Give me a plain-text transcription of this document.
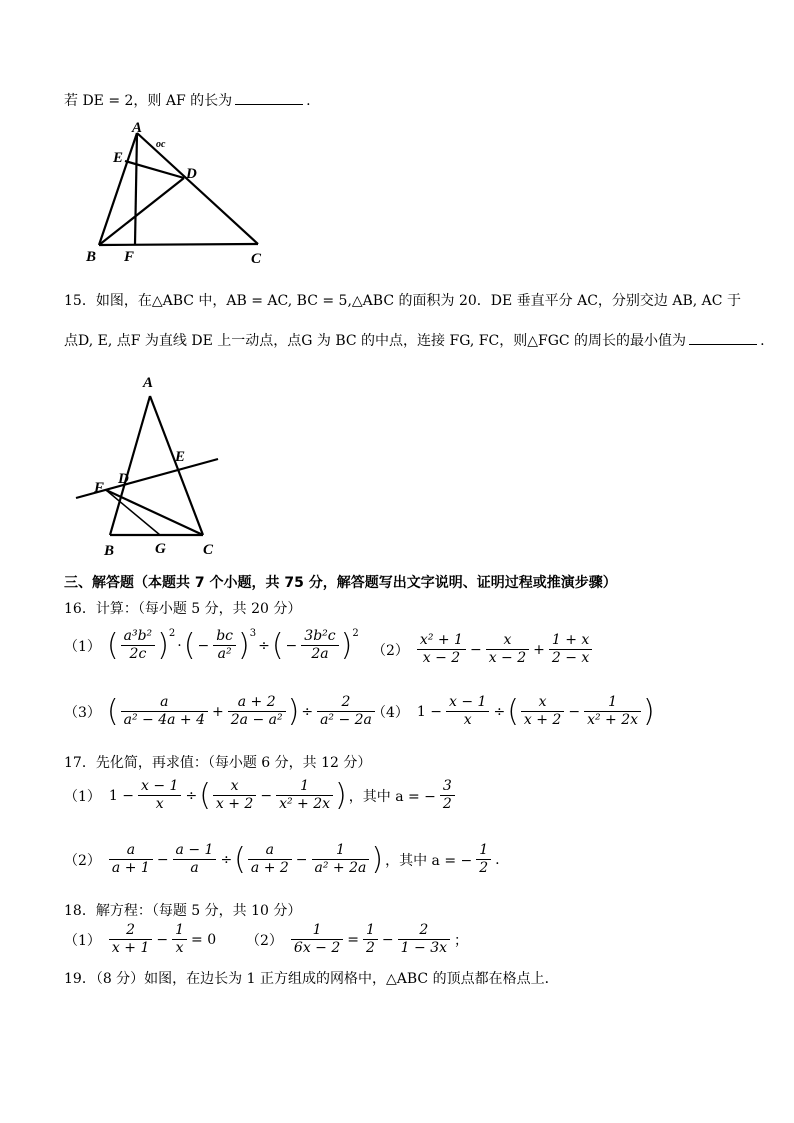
若 DE = 2，则 AF 的长为	.
A
E
D
B F	C
oc
15．如图，在△ABC 中，AB = AC, BC = 5,△ABC 的面积为 20．DE 垂直平分 AC，分别交边 AB, AC 于
点D, E, 点F 为直线 DE 上一动点，点G 为 BC 的中点，连接 FG, FC，则△FGC 的周长的最小值为	.
A
D
E
F
B	G C
三、解答题（本题共 7 个小题，共 75 分，解答题写出文字说明、证明过程或推演步骤）
16．计算：（每小题 5 分，共 20 分）
（1） ( $\frac{\text{a³b²}}{2c}$ ) 2
· ( − $\frac{bc}{\text{a²}}$ ) 3
÷ ( − $\frac{\text{3b²c}}{2a}$ ) 2
$(2) \frac{\text{x² + 1}}{x - 2} - \frac{x}{x - 2} + \frac{1 + x}{2 - x}$
（3） ( $\frac{a}{\text{a² − 4a + 4}} + \frac{a + 2}{\text{2a − a²}}$ ) ÷ $\frac{2}{\text{a² − 2a}}$
（4） $1 - \frac{x - 1}{x}$ ÷ ( $\frac{x}{x + 2} - \frac{1}{\text{x² + 2x}}$ )
17．先化简，再求值：（每小题 6 分，共 12 分）
（1） $1 - \frac{x - 1}{x}$ ÷ ( $\frac{x}{x + 2} - \frac{1}{\text{x² + 2x}}$ ) ，其中 a = − $\frac{3}{2}$
$(2) \frac{a}{a + 1} - \frac{a - 1}{a}$ ÷ ( $\frac{a}{a + 2} - \frac{1}{\text{a² + 2a}}$ ) ，其中 a = − $\frac{1}{2}$ .
18．解方程：（每题 5 分，共 10 分）
$(1) \frac{2}{x + 1} - \frac{1}{x} = 0$ $(2) \frac{1}{6x - 2} = \frac{1}{2} - \frac{2}{1 - 3x}$ ；
19．（8 分）如图，在边长为 1 正方组成的网格中，△ABC 的顶点都在格点上．
